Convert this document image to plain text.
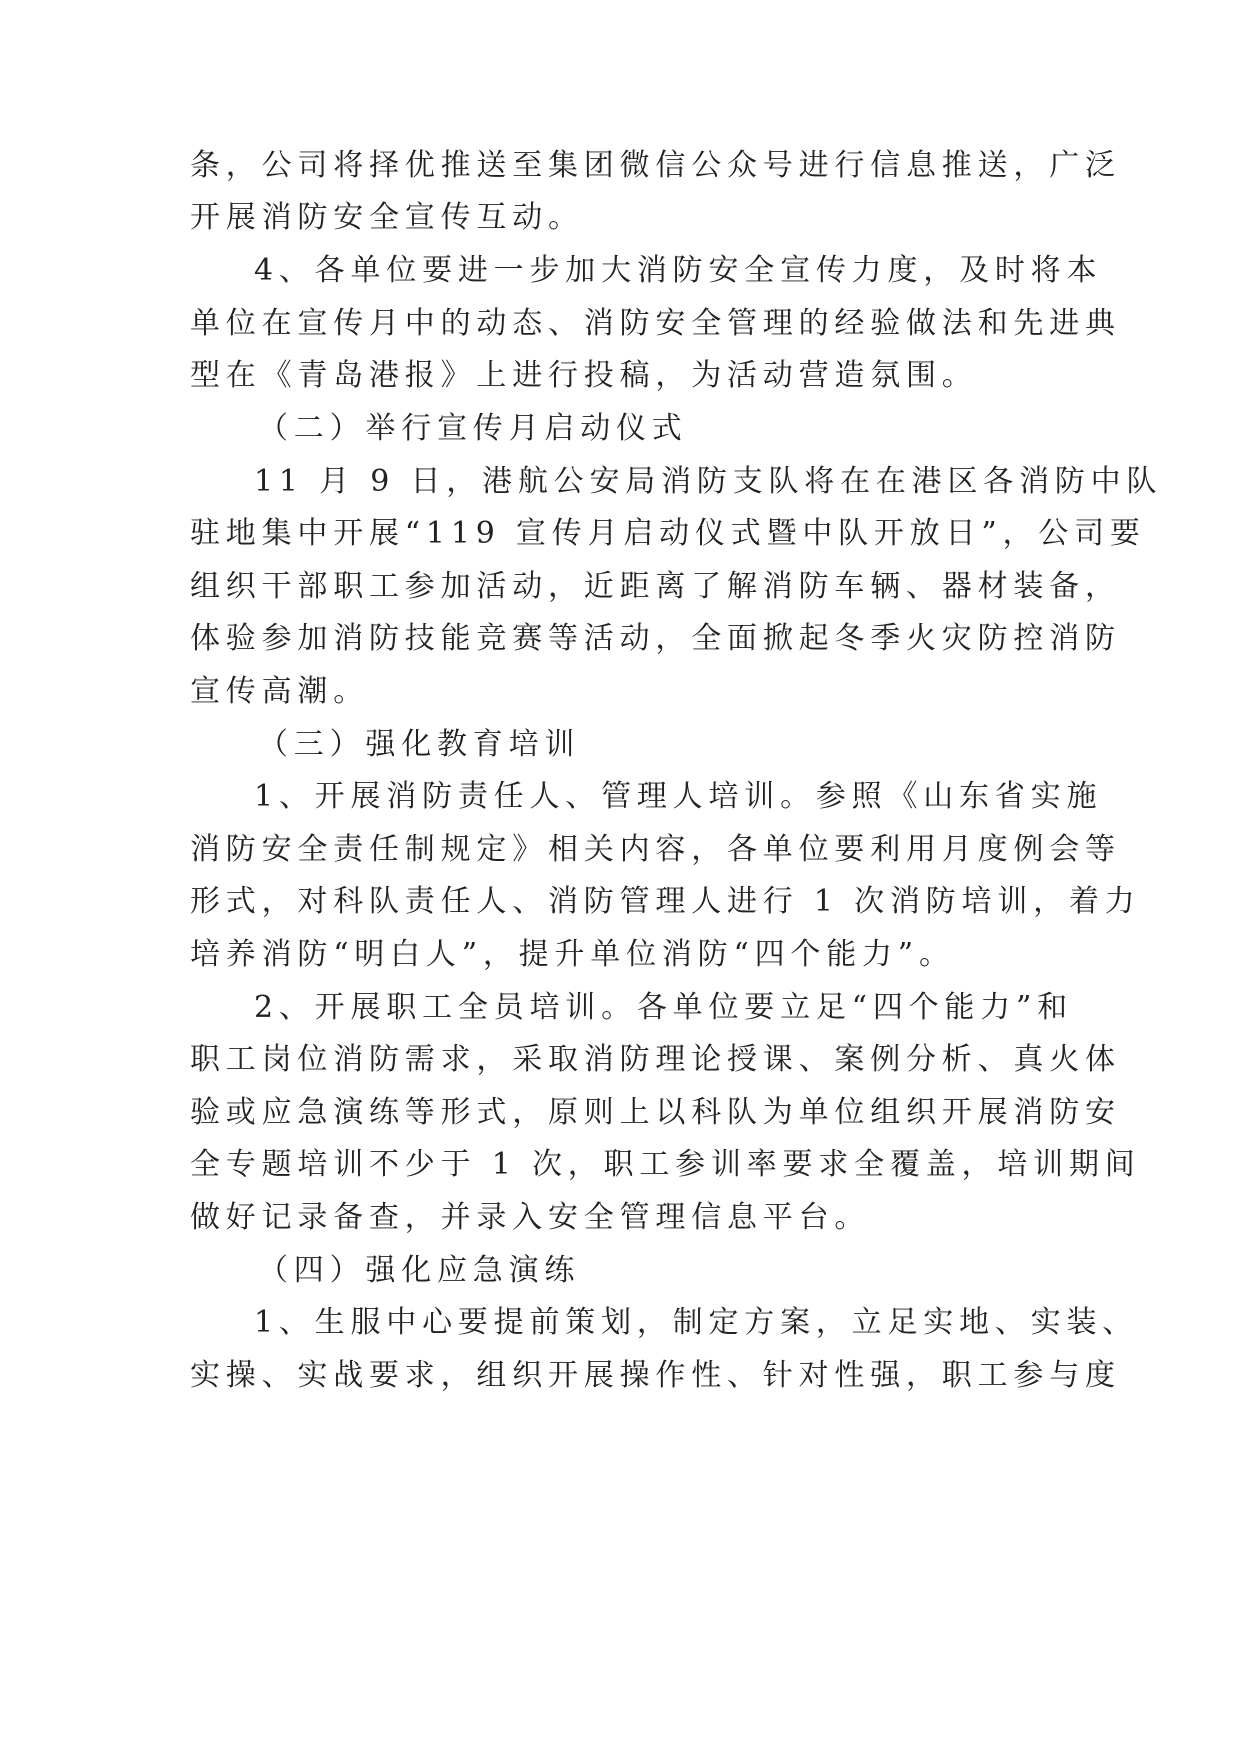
条，公司将择优推送至集团微信公众号进行信息推送，广泛
开展消防安全宣传互动。
4、各单位要进一步加大消防安全宣传力度，及时将本
单位在宣传月中的动态、消防安全管理的经验做法和先进典
型在《青岛港报》上进行投稿，为活动营造氛围。
（二）举行宣传月启动仪式
11 月 9 日，港航公安局消防支队将在在港区各消防中队
驻地集中开展“119 宣传月启动仪式暨中队开放日”，公司要
组织干部职工参加活动，近距离了解消防车辆、器材装备，
体验参加消防技能竞赛等活动，全面掀起冬季火灾防控消防
宣传高潮。
（三）强化教育培训
1、开展消防责任人、管理人培训。参照《山东省实施
消防安全责任制规定》相关内容，各单位要利用月度例会等
形式，对科队责任人、消防管理人进行 1 次消防培训，着力
培养消防“明白人”，提升单位消防“四个能力”。
2、开展职工全员培训。各单位要立足“四个能力”和
职工岗位消防需求，采取消防理论授课、案例分析、真火体
验或应急演练等形式，原则上以科队为单位组织开展消防安
全专题培训不少于 1 次，职工参训率要求全覆盖，培训期间
做好记录备查，并录入安全管理信息平台。
（四）强化应急演练
1、生服中心要提前策划，制定方案，立足实地、实装、
实操、实战要求，组织开展操作性、针对性强，职工参与度
